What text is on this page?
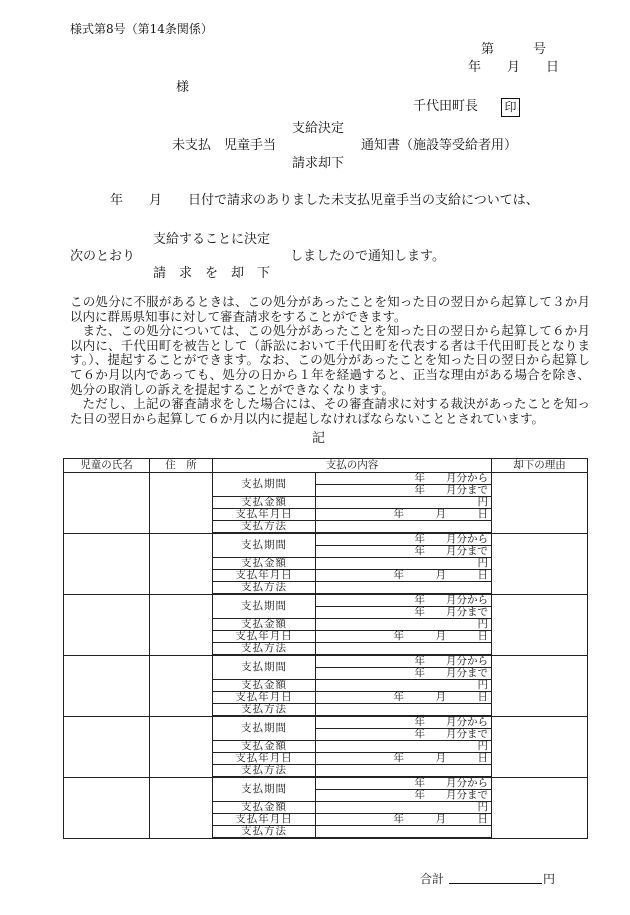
様式第8号（第14条関係）
第　　　号
年　　月　　日
様
千代田町長 印
支給決定
未支払　児童手当	通知書（施設等受給者用）
請求却下
年　　月　　日付で請求のありました未支払児童手当の支給については、
支給することに決定
次のとおり	しましたので通知します。
請　求　を　却　下

この処分に不服があるときは、この処分があったことを知った日の翌日から起算して３か月以内に群馬県知事に対して審査請求をすることができます。

また、この処分については、この処分があったことを知った日の翌日から起算して６か月以内に、千代田町を被告として（訴訟において千代田町を代表する者は千代田町長となります。）、提起することができます。なお、この処分があったことを知った日の翌日から起算して６か月以内であっても、処分の日から１年を経過すると、正当な理由がある場合を除き、処分の取消しの訴えを提起することができなくなります。

ただし、上記の審査請求をした場合には、その審査請求に対する裁決があったことを知った日の翌日から起算して６か月以内に提起しなければならないこととされています。

記
児童の氏名	住　所	支払の内容		却下の理由
		支払期間	年　　月分から	
			年　　月分まで	
		支払金額	円	
		支払年月日	年　　　月　　　日	
		支払方法		

		支払期間	年　　月分から	
			年　　月分まで	
		支払金額	円	
		支払年月日	年　　　月　　　日	
		支払方法		

		支払期間	年　　月分から	
			年　　月分まで	
		支払金額	円	
		支払年月日	年　　　月　　　日	
		支払方法		

		支払期間	年　　月分から	
			年　　月分まで	
		支払金額	円	
		支払年月日	年　　　月　　　日	
		支払方法		

		支払期間	年　　月分から	
			年　　月分まで	
		支払金額	円	
		支払年月日	年　　　月　　　日	
		支払方法		

		支払期間	年　　月分から	
			年　　月分まで	
		支払金額	円	
		支払年月日	年　　　月　　　日	
		支払方法		

合計	円
